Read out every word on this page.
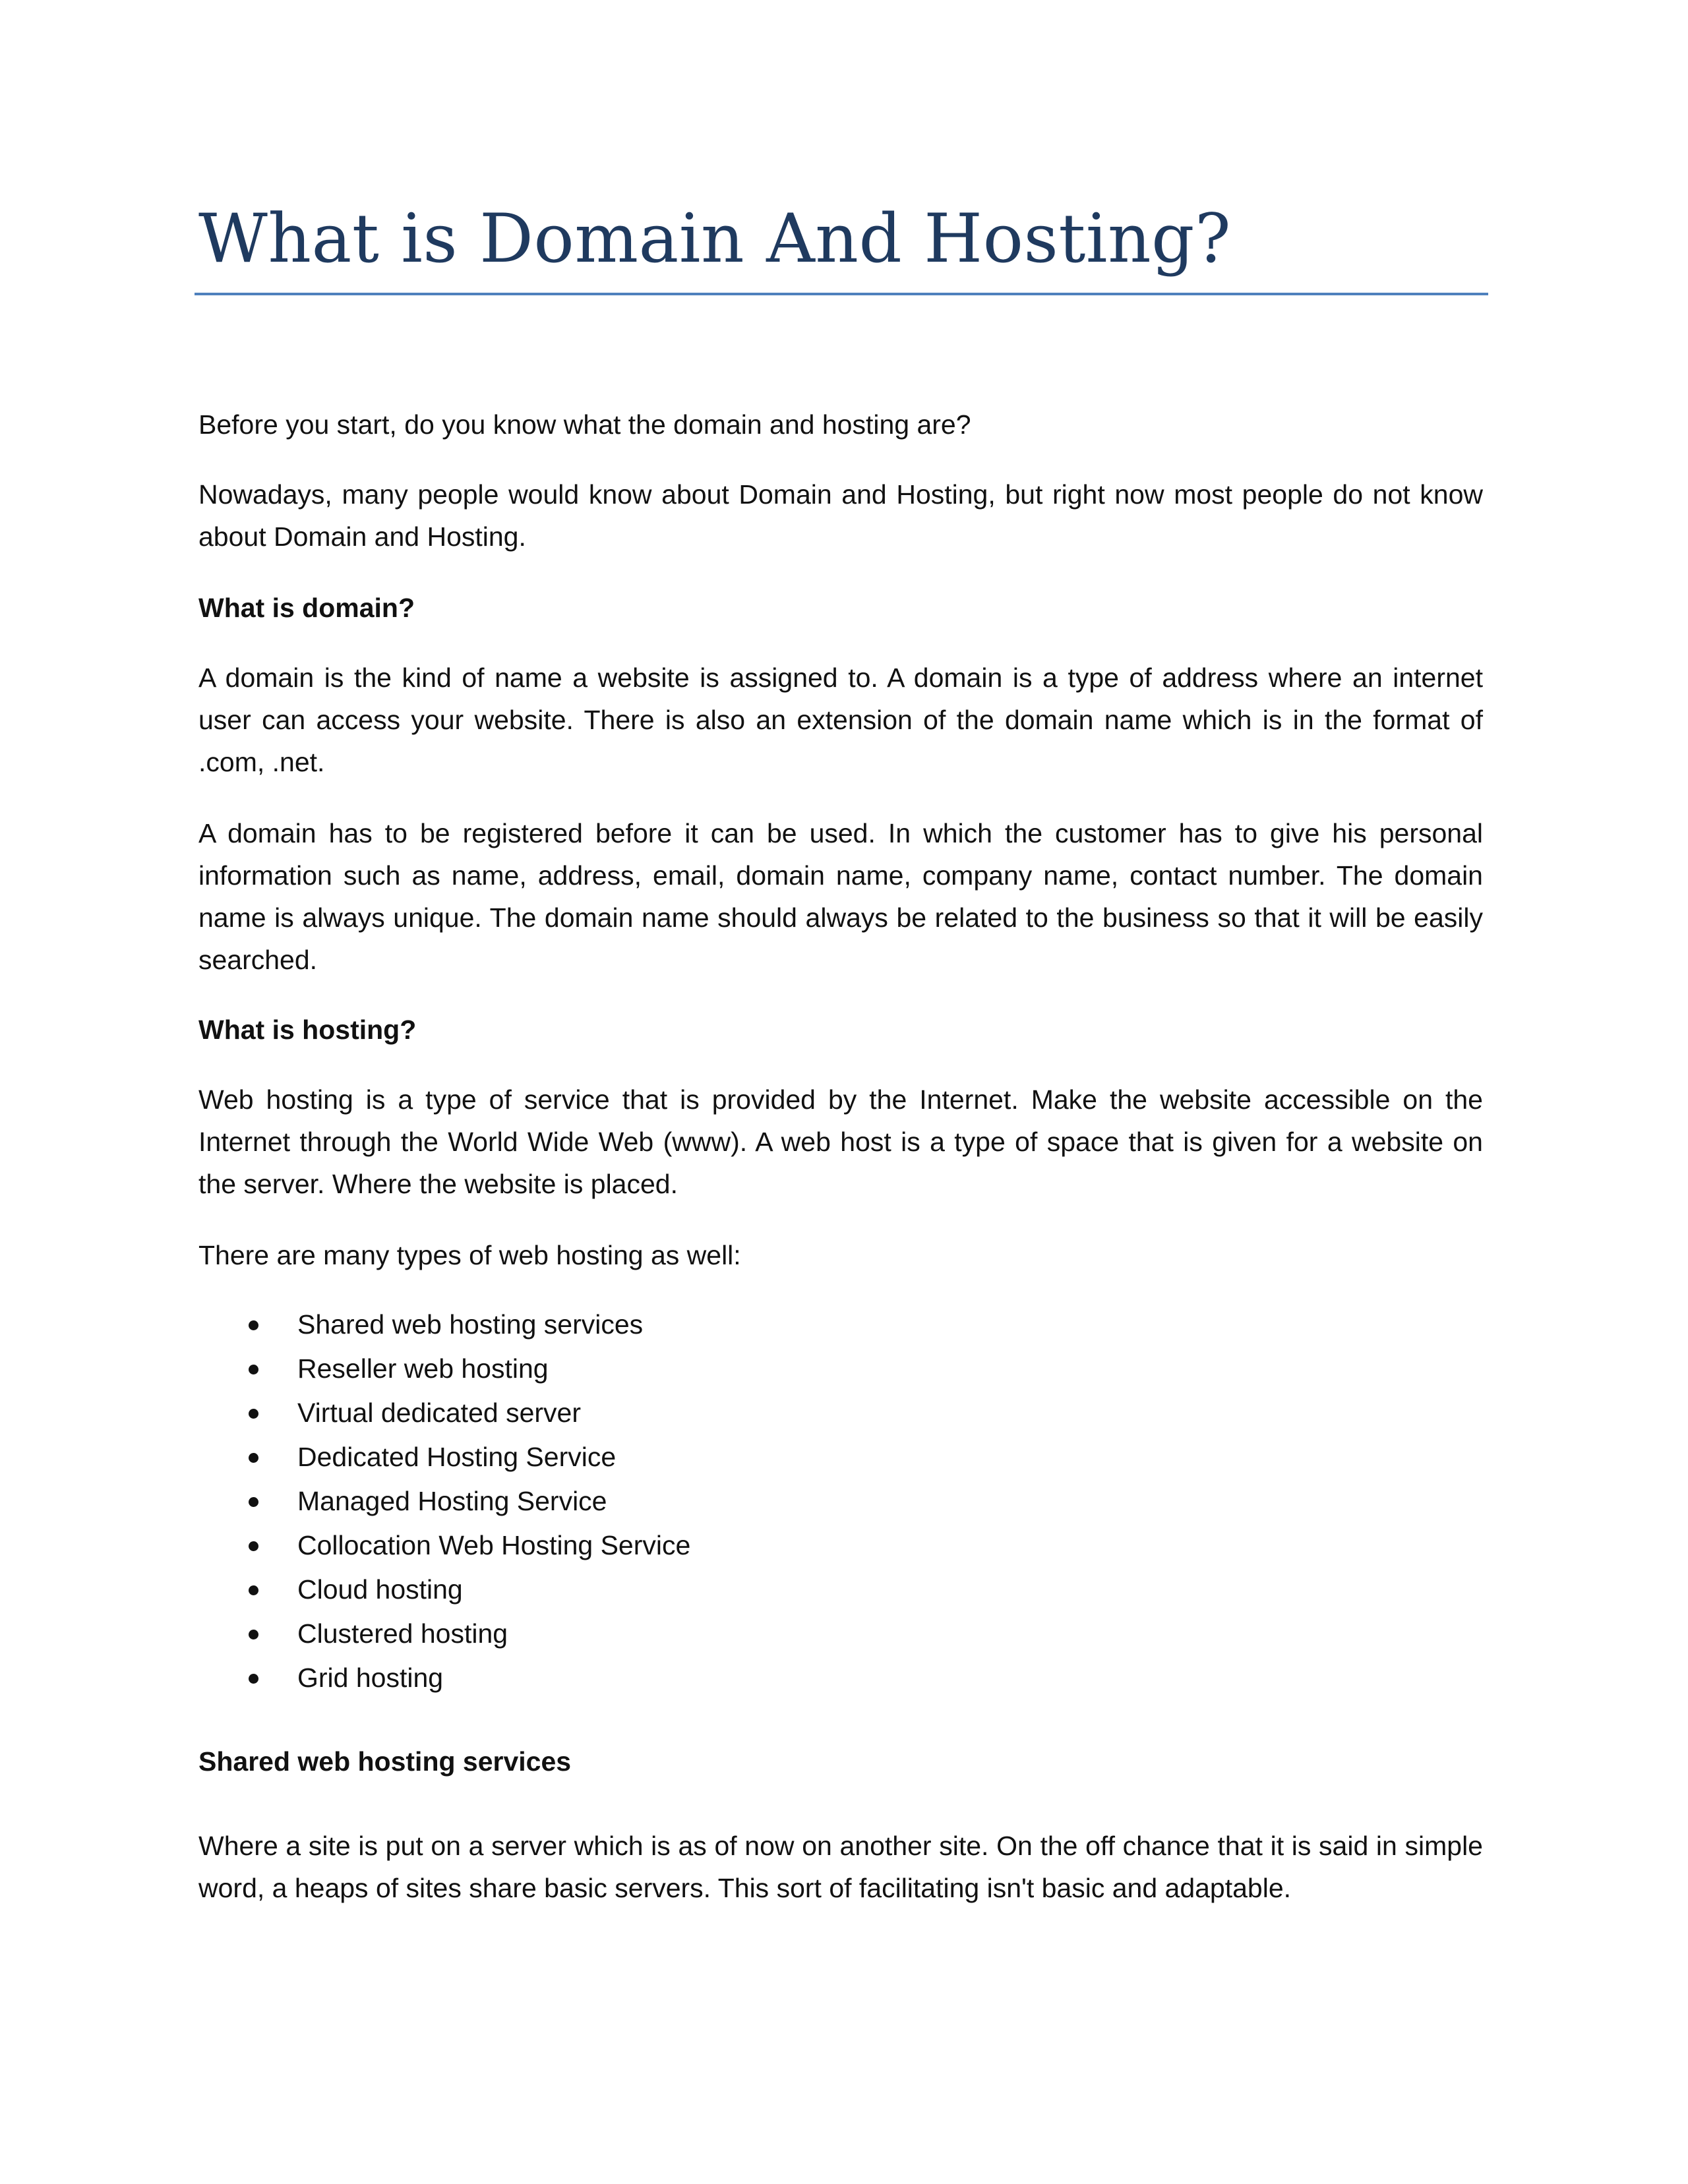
What is Domain And Hosting?

Before you start, do you know what the domain and hosting are?

Nowadays, many people would know about Domain and Hosting, but right now most people do not know about Domain and Hosting.

What is domain?

A domain is the kind of name a website is assigned to. A domain is a type of address where an internet user can access your website. There is also an extension of the domain name which is in the format of .com, .net.

A domain has to be registered before it can be used. In which the customer has to give his personal information such as name, address, email, domain name, company name, contact number. The domain name is always unique. The domain name should always be related to the business so that it will be easily searched.

What is hosting?

Web hosting is a type of service that is provided by the Internet. Make the website accessible on the Internet through the World Wide Web (www). A web host is a type of space that is given for a website on the server. Where the website is placed.

There are many types of web hosting as well:

Shared web hosting services
Reseller web hosting
Virtual dedicated server
Dedicated Hosting Service
Managed Hosting Service
Collocation Web Hosting Service
Cloud hosting
Clustered hosting
Grid hosting
Shared web hosting services

Where a site is put on a server which is as of now on another site. On the off chance that it is said in simple word, a heaps of sites share basic servers. This sort of facilitating isn't basic and adaptable.
